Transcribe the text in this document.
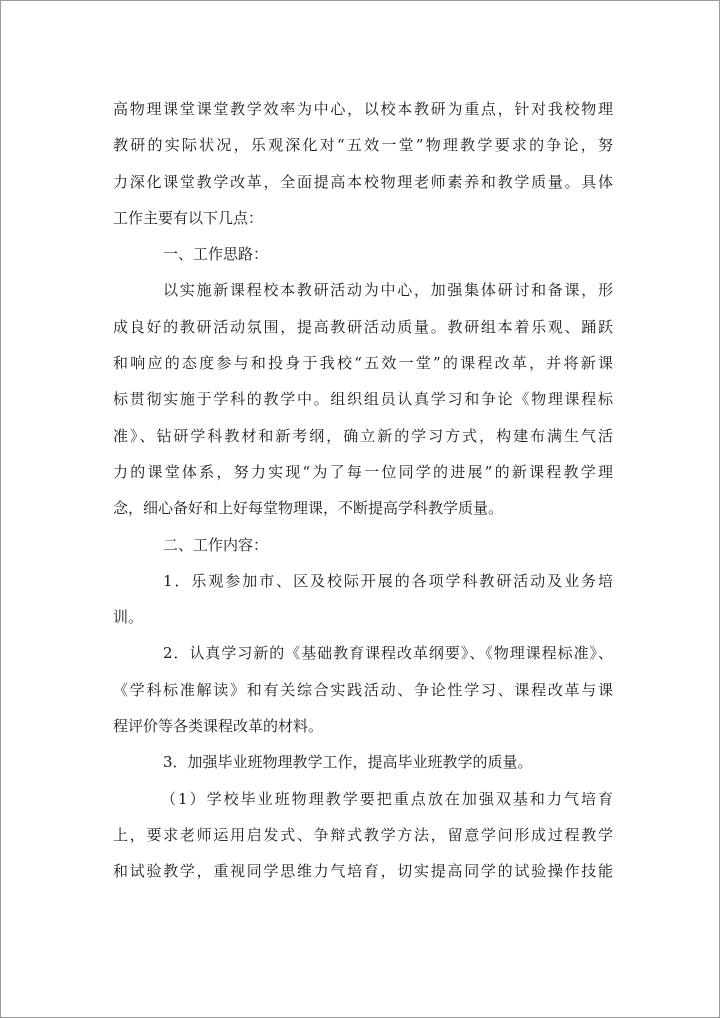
高物理课堂课堂教学效率为中心，以校本教研为重点，针对我校物理
教研的实际状况，乐观深化对“五效一堂”物理教学要求的争论，努
力深化课堂教学改革，全面提高本校物理老师素养和教学质量。具体
工作主要有以下几点：
一、工作思路：
以实施新课程校本教研活动为中心，加强集体研讨和备课，形
成良好的教研活动氛围，提高教研活动质量。教研组本着乐观、踊跃
和响应的态度参与和投身于我校“五效一堂”的课程改革，并将新课
标贯彻实施于学科的教学中。组织组员认真学习和争论《物理课程标
准》、钻研学科教材和新考纲，确立新的学习方式，构建布满生气活
力的课堂体系，努力实现“为了每一位同学的进展”的新课程教学理
念，细心备好和上好每堂物理课，不断提高学科教学质量。
二、工作内容：
1．乐观参加市、区及校际开展的各项学科教研活动及业务培
训。
2．认真学习新的《基础教育课程改革纲要》、《物理课程标准》、
《学科标准解读》和有关综合实践活动、争论性学习、课程改革与课
程评价等各类课程改革的材料。
3．加强毕业班物理教学工作，提高毕业班教学的质量。
（1）学校毕业班物理教学要把重点放在加强双基和力气培育
上，要求老师运用启发式、争辩式教学方法，留意学问形成过程教学
和试验教学，重视同学思维力气培育，切实提高同学的试验操作技能
